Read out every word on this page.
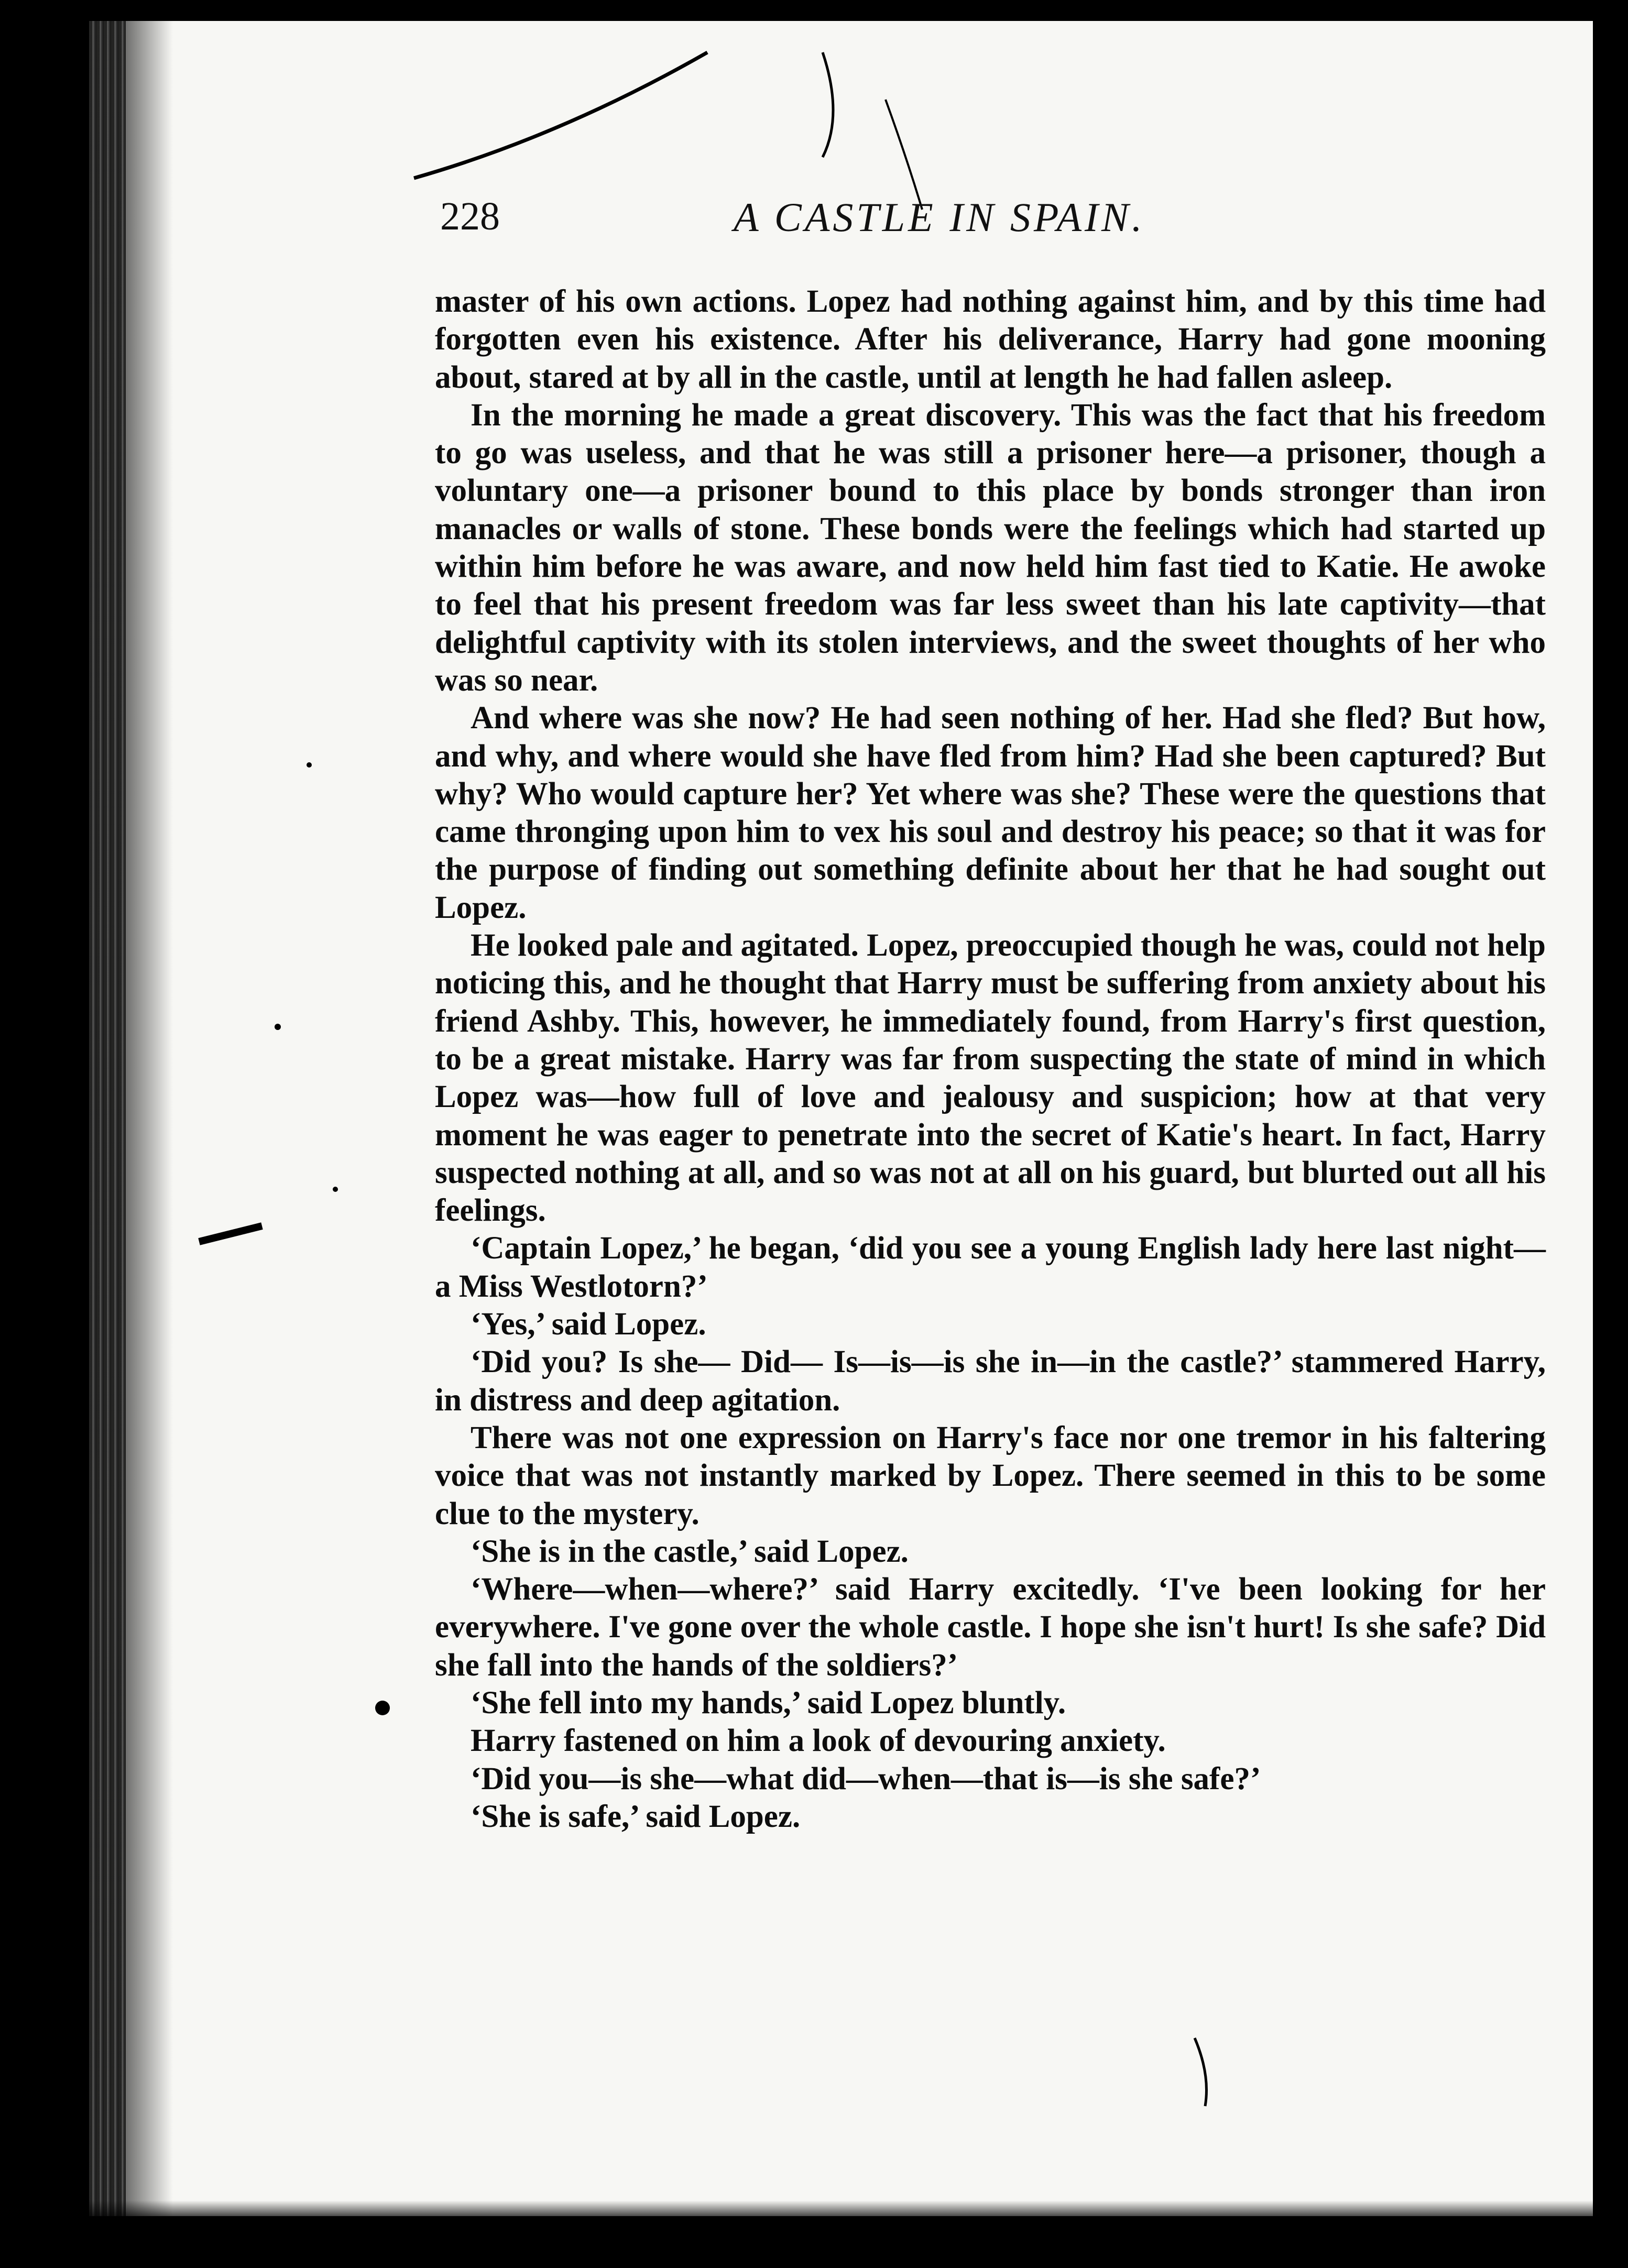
228	A CASTLE IN SPAIN.

master of his own actions. Lopez had nothing against him, and by this time had forgotten even his existence. After his deliverance, Harry had gone mooning about, stared at by all in the castle, until at length he had fallen asleep.

In the morning he made a great discovery. This was the fact that his freedom to go was useless, and that he was still a prisoner here—a prisoner, though a voluntary one—a prisoner bound to this place by bonds stronger than iron manacles or walls of stone. These bonds were the feelings which had started up within him before he was aware, and now held him fast tied to Katie. He awoke to feel that his present freedom was far less sweet than his late captivity—that delightful captivity with its stolen interviews, and the sweet thoughts of her who was so near.

And where was she now? He had seen nothing of her. Had she fled? But how, and why, and where would she have fled from him? Had she been captured? But why? Who would capture her? Yet where was she? These were the questions that came thronging upon him to vex his soul and destroy his peace; so that it was for the purpose of finding out something definite about her that he had sought out Lopez.

He looked pale and agitated. Lopez, preoccupied though he was, could not help noticing this, and he thought that Harry must be suffering from anxiety about his friend Ashby. This, however, he immediately found, from Harry's first question, to be a great mistake. Harry was far from suspecting the state of mind in which Lopez was—how full of love and jealousy and suspicion; how at that very moment he was eager to penetrate into the secret of Katie's heart. In fact, Harry suspected nothing at all, and so was not at all on his guard, but blurted out all his feelings.

‘Captain Lopez,’ he began, ‘did you see a young English lady here last night—a Miss Westlotorn?’

‘Yes,’ said Lopez.

‘Did you? Is she— Did— Is—is—is she in—in the castle?’ stammered Harry, in distress and deep agitation.

There was not one expression on Harry's face nor one tremor in his faltering voice that was not instantly marked by Lopez. There seemed in this to be some clue to the mystery.

‘She is in the castle,’ said Lopez.

‘Where—when—where?’ said Harry excitedly. ‘I've been looking for her everywhere. I've gone over the whole castle. I hope she isn't hurt! Is she safe? Did she fall into the hands of the soldiers?’

‘She fell into my hands,’ said Lopez bluntly.

Harry fastened on him a look of devouring anxiety.

‘Did you—is she—what did—when—that is—is she safe?’

‘She is safe,’ said Lopez.
